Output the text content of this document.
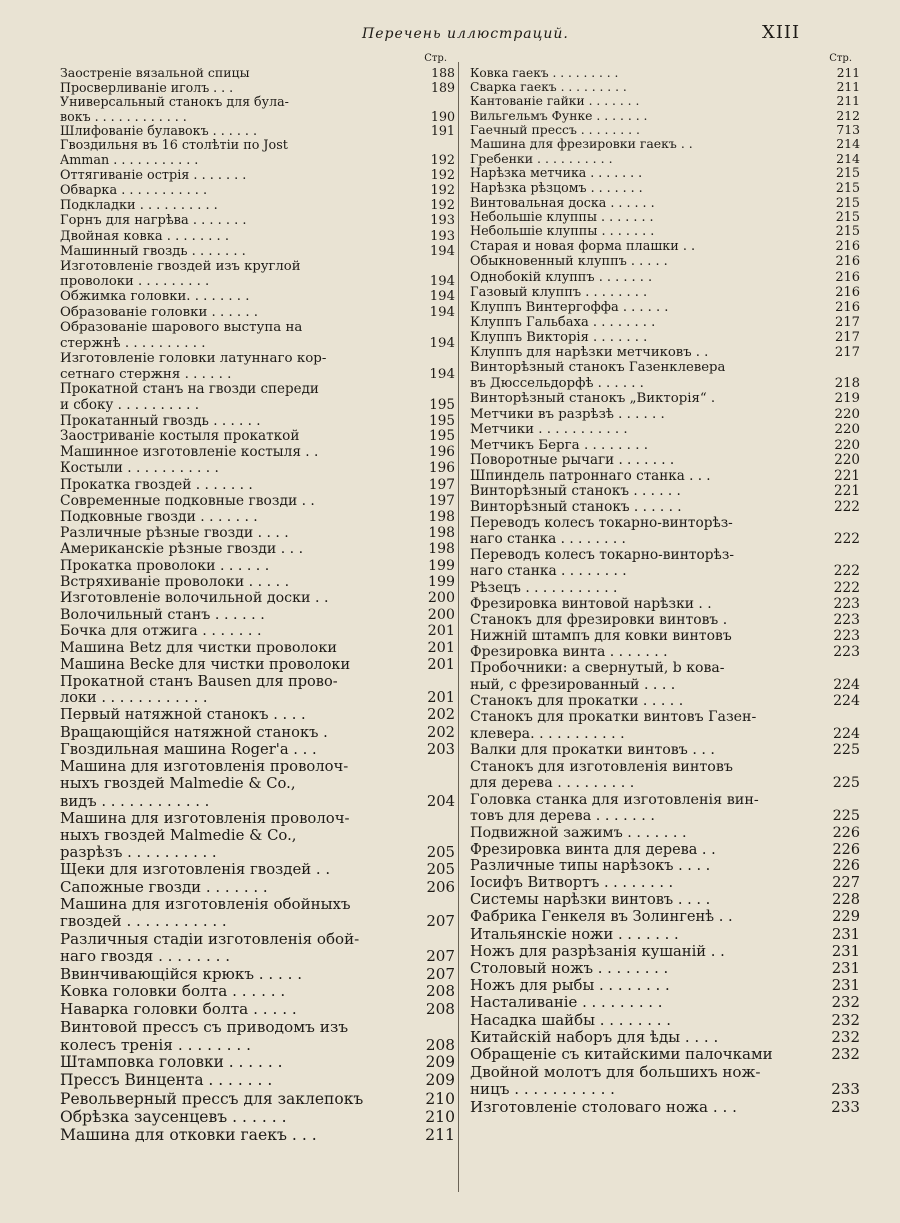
Перечень иллюстраций.	XIII
Стр.
Заостренiе вязальной спицы	188
Просверливанiе иголъ . . .	189
Универсальный станокъ для була-
вокъ . . . . . . . . . . . .	190
Шлифованiе булавокъ . . . . . .	191
Гвоздильня въ 16 столѣтiи по Jost
Amman . . . . . . . . . . .	192
Оттягиванiе острiя . . . . . . .	192
Обварка . . . . . . . . . . .	192
Подкладки . . . . . . . . . .	192
Горнъ для нагрѣва . . . . . . .	193
Двойная ковка . . . . . . . .	193
Машинный гвоздь . . . . . . .	194
Изготовленiе гвоздей изъ круглой
проволоки . . . . . . . . .	194
Обжимка головки. . . . . . . .	194
Образованiе головки . . . . . .	194
Образованiе шарового выступа на
стержнѣ . . . . . . . . . .	194
Изготовленiе головки латуннаго кор-
сетнаго стержня . . . . . .	194
Прокатной станъ на гвозди спереди
и сбоку . . . . . . . . . .	195
Прокатанный гвоздь . . . . . .	195
Заостриванiе костыля прокаткой	195
Машинное изготовленiе костыля . .	196
Костыли . . . . . . . . . . .	196
Прокатка гвоздей . . . . . . .	197
Современные подковные гвозди . .	197
Подковные гвозди . . . . . . .	198
Различные рѣзные гвозди . . . .	198
Американскiе рѣзные гвозди . . .	198
Прокатка проволоки . . . . . .	199
Встряхиванiе проволоки . . . . .	199
Изготовленiе волочильной доски . .	200
Волочильный станъ . . . . . .	200
Бочка для отжига . . . . . . .	201
Машина Betz для чистки проволоки	201
Машина Becke для чистки проволоки	201
Прокатной станъ Bausen для прово-
локи . . . . . . . . . . . .	201
Первый натяжной станокъ . . . .	202
Вращающiйся натяжной станокъ .	202
Гвоздильная машина Roger'а . . .	203
Машина для изготовленiя проволоч-
ныхъ гвоздей Malmedie & Co.,
видъ . . . . . . . . . . . .	204
Машина для изготовленiя проволоч-
ныхъ гвоздей Malmedie & Co.,
разрѣзъ . . . . . . . . . .	205
Щеки для изготовленiя гвоздей . .	205
Сапожные гвозди . . . . . . .	206
Машина для изготовленiя обойныхъ
гвоздей . . . . . . . . . . .	207
Различныя стадiи изготовленiя обой-
наго гвоздя . . . . . . . .	207
Ввинчивающiйся крюкъ . . . . .	207
Ковка головки болта . . . . . .	208
Наварка головки болта . . . . .	208
Винтовой прессъ съ приводомъ изъ
колесъ тренiя . . . . . . . .	208
Штамповка головки . . . . . .	209
Прессъ Винцента . . . . . . .	209
Револьверный прессъ для заклепокъ	210
Обрѣзка заусенцевъ . . . . . .	210
Машина для отковки гаекъ . . .	211
Стр.
Ковка гаекъ . . . . . . . . .	211
Сварка гаекъ . . . . . . . . .	211
Кантованiе гайки . . . . . . .	211
Вильгельмъ Функе . . . . . . .	212
Гаечный прессъ . . . . . . . .	713
Машина для фрезировки гаекъ . .	214
Гребенки . . . . . . . . . .	214
Нарѣзка метчика . . . . . . .	215
Нарѣзка рѣзцомъ . . . . . . .	215
Винтовальная доска . . . . . .	215
Небольшiе клуппы . . . . . . .	215
Небольшiе клуппы . . . . . . .	215
Старая и новая форма плашки . .	216
Обыкновенный клуппъ . . . . .	216
Однобокiй клуппъ . . . . . . .	216
Газовый клуппъ . . . . . . . .	216
Клуппъ Винтергоффа . . . . . .	216
Клуппъ Гальбаха . . . . . . . .	217
Клуппъ Викторiя . . . . . . .	217
Клуппъ для нарѣзки метчиковъ . .	217
Винторѣзный станокъ Газенклевера
въ Дюссельдорфѣ . . . . . .	218
Винторѣзный станокъ „Викторiя“ .	219
Метчики въ разрѣзѣ . . . . . .	220
Метчики . . . . . . . . . . .	220
Метчикъ Берга . . . . . . . .	220
Поворотные рычаги . . . . . . .	220
Шпиндель патроннаго станка . . .	221
Винторѣзный станокъ . . . . . .	221
Винторѣзный станокъ . . . . . .	222
Переводъ колесъ токарно-винторѣз-
наго станка . . . . . . . .	222
Переводъ колесъ токарно-винторѣз-
наго станка . . . . . . . .	222
Рѣзецъ . . . . . . . . . . .	222
Фрезировка винтовой нарѣзки . .	223
Станокъ для фрезировки винтовъ .	223
Нижнiй штампъ для ковки винтовъ	223
Фрезировка винта . . . . . . .	223
Пробочники: а свернутый, b кова-
ный, с фрезированный . . . .	224
Станокъ для прокатки . . . . .	224
Станокъ для прокатки винтовъ Газен-
клевера. . . . . . . . . . .	224
Валки для прокатки винтовъ . . .	225
Станокъ для изготовленiя винтовъ
для дерева . . . . . . . . .	225
Головка станка для изготовленiя вин-
товъ для дерева . . . . . . .	225
Подвижной зажимъ . . . . . . .	226
Фрезировка винта для дерева . .	226
Различные типы нарѣзокъ . . . .	226
Iосифъ Витвортъ . . . . . . . .	227
Системы нарѣзки винтовъ . . . .	228
Фабрика Генкеля въ Золингенѣ . .	229
Итальянскiе ножи . . . . . . .	231
Ножъ для разрѣзанiя кушанiй . .	231
Столовый ножъ . . . . . . . .	231
Ножъ для рыбы . . . . . . . .	231
Насталиванiе . . . . . . . . .	232
Насадка шайбы . . . . . . . .	232
Китайскiй наборъ для ѣды . . . .	232
Обращенiе съ китайскими палочками	232
Двойной молотъ для большихъ нож-
ницъ . . . . . . . . . . .	233
Изготовленiе столоваго ножа . . .	233
